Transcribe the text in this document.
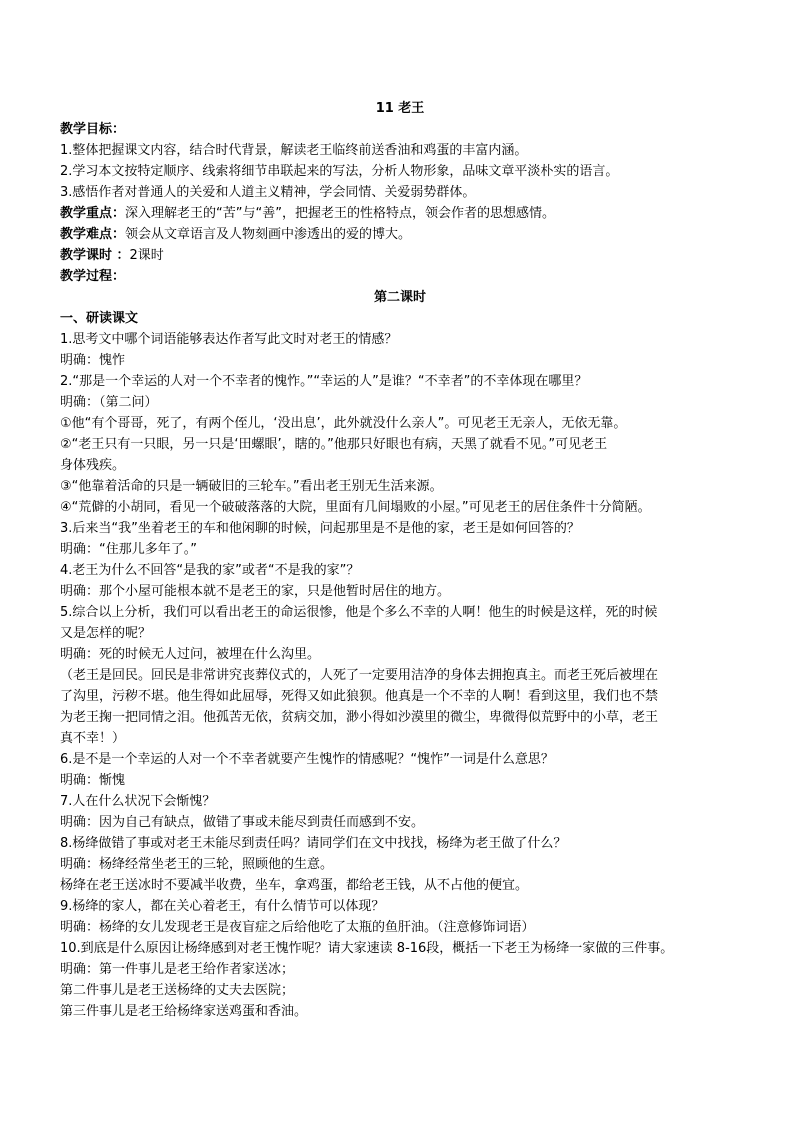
11 老王
教学目标：
1.整体把握课文内容，结合时代背景，解读老王临终前送香油和鸡蛋的丰富内涵。
2.学习本文按特定顺序、线索将细节串联起来的写法，分析人物形象，品味文章平淡朴实的语言。
3.感悟作者对普通人的关爱和人道主义精神，学会同情、关爱弱势群体。
教学重点：深入理解老王的“苦”与“善”，把握老王的性格特点，领会作者的思想感情。
教学难点：领会从文章语言及人物刻画中渗透出的爱的博大。
教学课时 ：2课时
教学过程：
第二课时
一、研读课文
1.思考文中哪个词语能够表达作者写此文时对老王的情感？
明确：愧怍
2.“那是一个幸运的人对一个不幸者的愧怍。”“幸运的人”是谁？“不幸者”的不幸体现在哪里？
明确：（第二问）
①他“有个哥哥，死了，有两个侄儿，‘没出息’，此外就没什么亲人”。可见老王无亲人，无依无靠。
②“老王只有一只眼，另一只是‘田螺眼’，瞎的。”他那只好眼也有病，天黑了就看不见。”可见老王
身体残疾。
③“他靠着活命的只是一辆破旧的三轮车。”看出老王别无生活来源。
④“荒僻的小胡同，看见一个破破落落的大院，里面有几间塌败的小屋。”可见老王的居住条件十分简陋。
3.后来当“我”坐着老王的车和他闲聊的时候，问起那里是不是他的家，老王是如何回答的？
明确：“住那儿多年了。”
4.老王为什么不回答“是我的家”或者“不是我的家”？
明确：那个小屋可能根本就不是老王的家，只是他暂时居住的地方。
5.综合以上分析，我们可以看出老王的命运很惨，他是个多么不幸的人啊！他生的时候是这样，死的时候
又是怎样的呢？
明确：死的时候无人过问，被埋在什么沟里。
（老王是回民。回民是非常讲究丧葬仪式的，人死了一定要用洁净的身体去拥抱真主。而老王死后被埋在
了沟里，污秽不堪。他生得如此屈辱，死得又如此狼狈。他真是一个不幸的人啊！看到这里，我们也不禁
为老王掬一把同情之泪。他孤苦无依，贫病交加，渺小得如沙漠里的微尘，卑微得似荒野中的小草，老王
真不幸！）
6.是不是一个幸运的人对一个不幸者就要产生愧怍的情感呢？“愧怍”一词是什么意思？
明确：惭愧
7.人在什么状况下会惭愧？
明确：因为自己有缺点，做错了事或未能尽到责任而感到不安。
8.杨绛做错了事或对老王未能尽到责任吗？请同学们在文中找找，杨绛为老王做了什么？
明确：杨绛经常坐老王的三轮，照顾他的生意。
杨绛在老王送冰时不要减半收费，坐车，拿鸡蛋，都给老王钱，从不占他的便宜。
9.杨绛的家人，都在关心着老王，有什么情节可以体现？
明确：杨绛的女儿发现老王是夜盲症之后给他吃了太瓶的鱼肝油。（注意修饰词语）
10.到底是什么原因让杨绛感到对老王愧怍呢？请大家速读 8-16段，概括一下老王为杨绛一家做的三件事。
明确：第一件事儿是老王给作者家送冰；
第二件事儿是老王送杨绛的丈夫去医院；
第三件事儿是老王给杨绛家送鸡蛋和香油。
